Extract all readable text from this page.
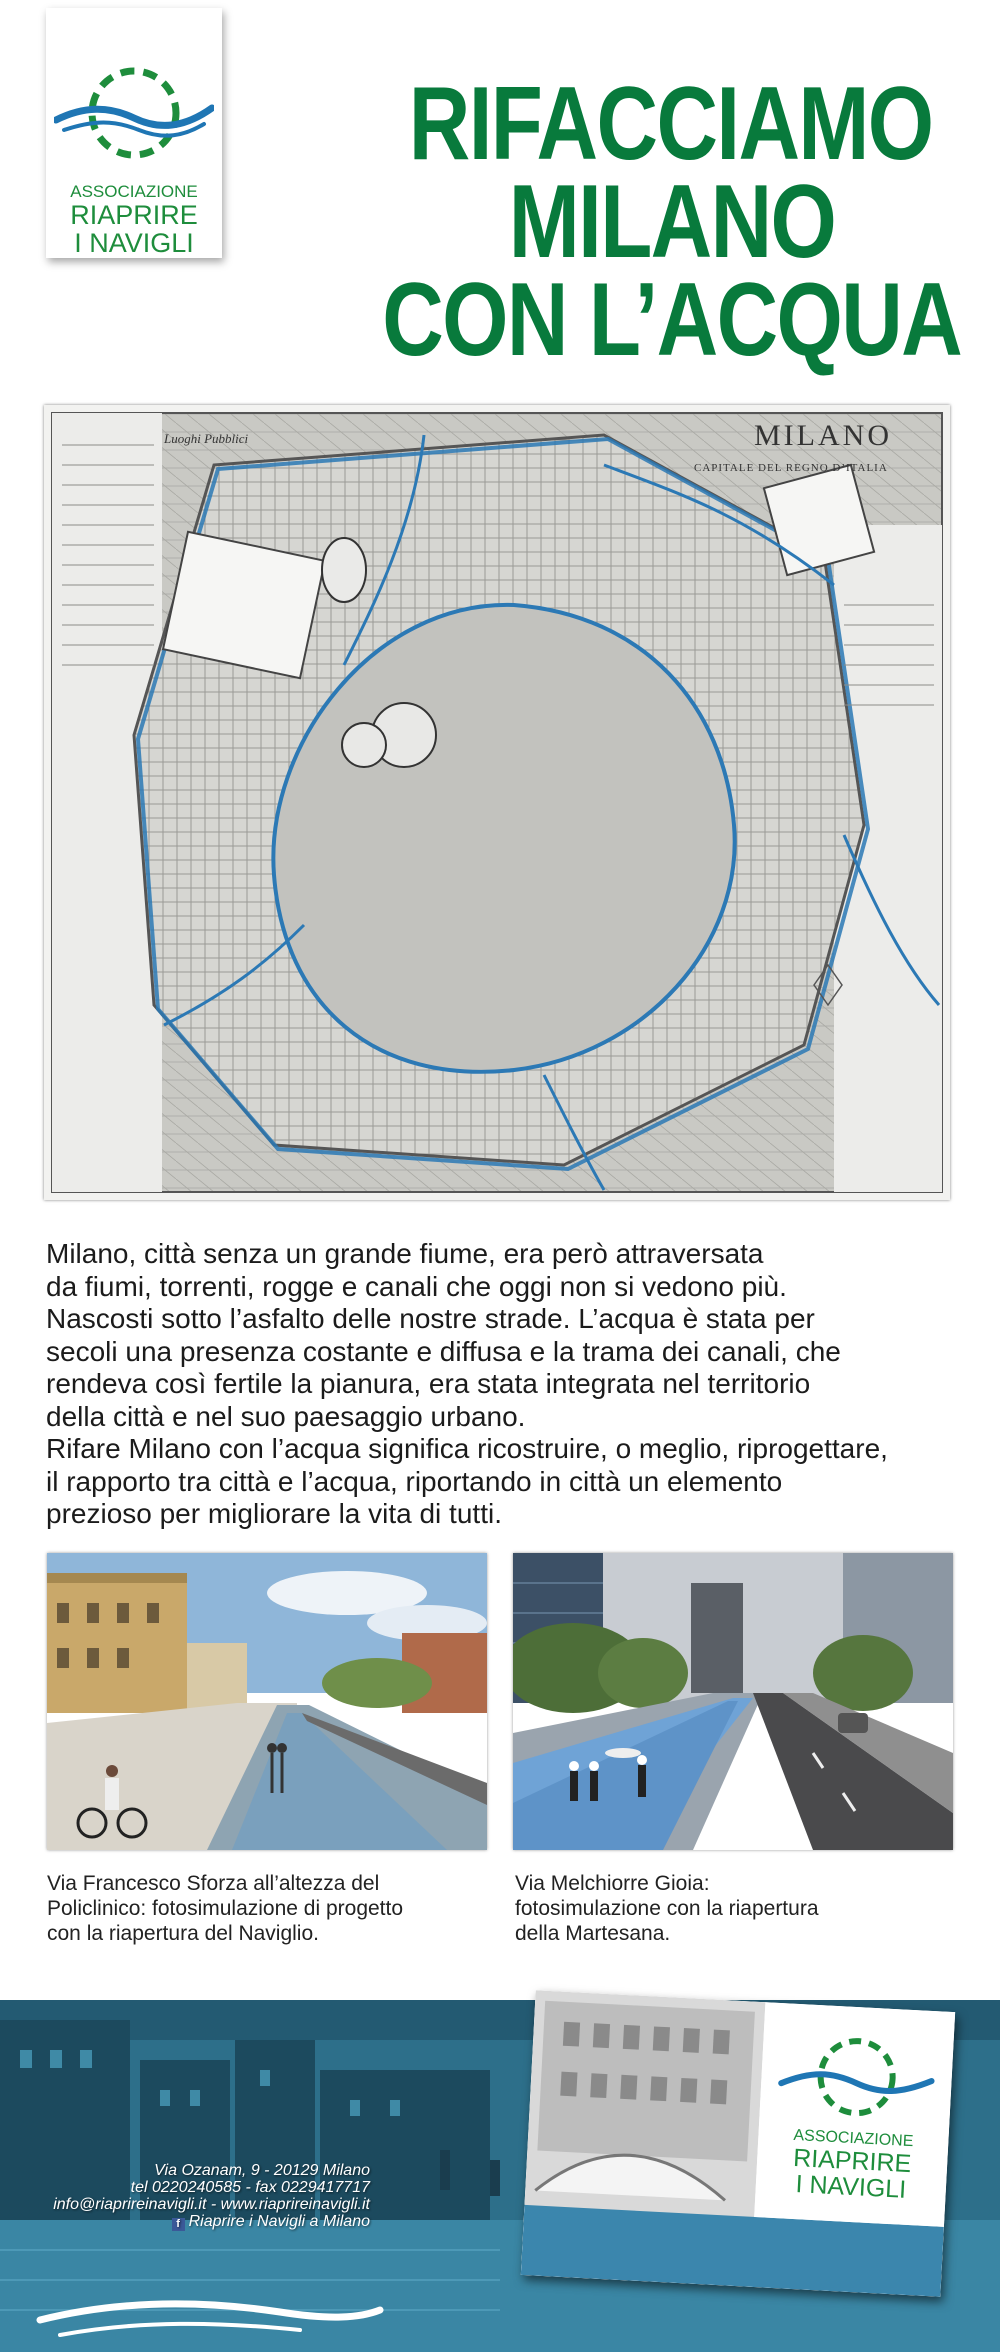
ASSOCIAZIONE
RIAPRIRE
I NAVIGLI
RIFACCIAMO
MILANO
CON L’ACQUA
Luoghi Pubblici	MILANO
CAPITALE DEL REGNO D’ITALIA
Milano, città senza un grande fiume, era però attraversata
da fiumi, torrenti, rogge e canali che oggi non si vedono più.
Nascosti sotto l’asfalto delle nostre strade. L’acqua è stata per
secoli una presenza costante e diffusa e la trama dei canali, che
rendeva così fertile la pianura, era stata integrata nel territorio
della città e nel suo paesaggio urbano.
Rifare Milano con l’acqua significa ricostruire, o meglio, riprogettare,
il rapporto tra città e l’acqua, riportando in città un elemento
prezioso per migliorare la vita di tutti.
Via Francesco Sforza all’altezza del
Policlinico: fotosimulazione di progetto
con la riapertura del Naviglio.
Via Melchiorre Gioia:
fotosimulazione con la riapertura
della Martesana.
Via Ozanam, 9 - 20129 Milano
tel 0220240585 - fax 0229417717
info@riaprireinavigli.it - www.riaprireinavigli.it
f Riaprire i Navigli a Milano
ASSOCIAZIONE
RIAPRIRE
I NAVIGLI
